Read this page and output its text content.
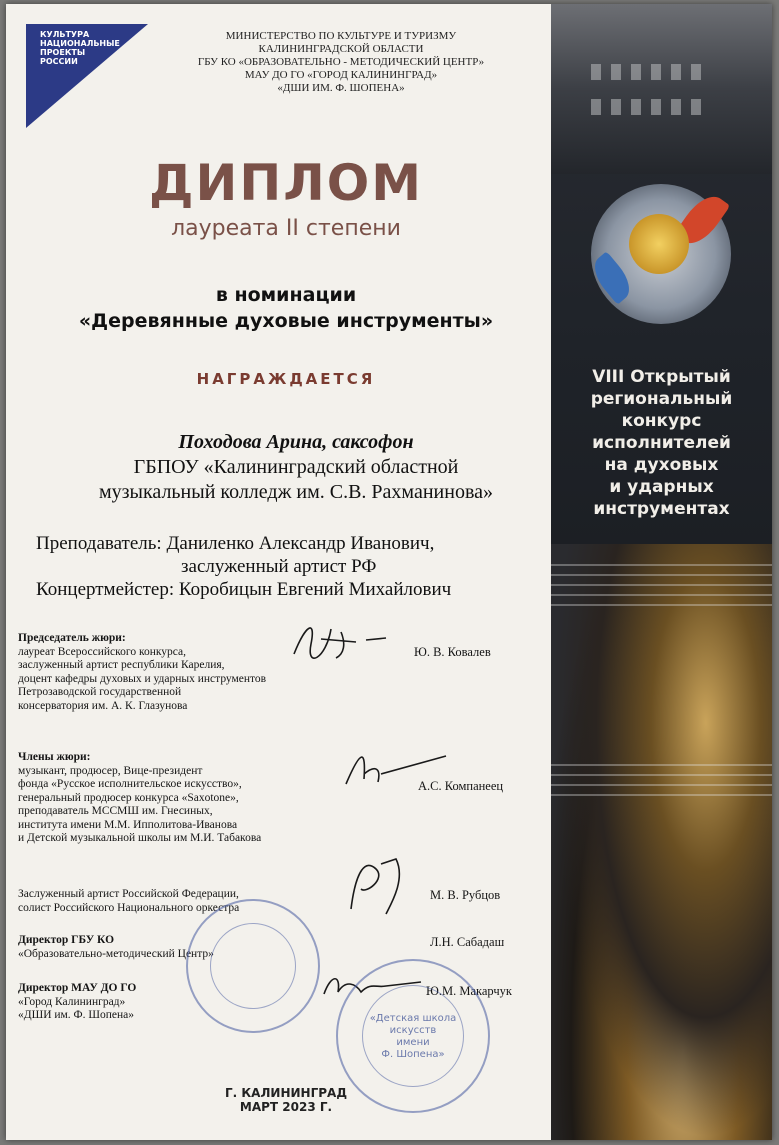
VIII Открытый
региональный
конкурс
исполнителей
на духовых
и ударных
инструментах
КУЛЬТУРА
НАЦИОНАЛЬНЫЕ
ПРОЕКТЫ
РОССИИ
МИНИСТЕРСТВО ПО КУЛЬТУРЕ И ТУРИЗМУ
КАЛИНИНГРАДСКОЙ ОБЛАСТИ
ГБУ КО «ОБРАЗОВАТЕЛЬНО - МЕТОДИЧЕСКИЙ ЦЕНТР»
МАУ ДО ГО «ГОРОД КАЛИНИНГРАД»
«ДШИ ИМ. Ф. ШОПЕНА»
ДИПЛОМ
лауреата II степени
в номинации
«Деревянные духовые инструменты»
НАГРАЖДАЕТСЯ
Походова Арина, саксофон
ГБПОУ «Калининградский областной
музыкальный колледж им. С.В. Рахманинова»
Преподаватель: Даниленко Александр Иванович,
заслуженный артист РФ
Концертмейстер: Коробицын Евгений Михайлович
Председатель жюри:
лауреат Всероссийского конкурса,
заслуженный артист республики Карелия,
доцент кафедры духовых и ударных инструментов
Петрозаводской государственной
консерватория им. А. К. Глазунова
Ю. В. Ковалев
Члены жюри:
музыкант, продюсер, Вице-президент
фонда «Русское исполнительское искусство»,
генеральный продюсер конкурса «Saxotone»,
преподаватель МССМШ им. Гнесиных,
института имени М.М. Ипполитова-Иванова
и Детской музыкальной школы им М.И. Табакова
А.С. Компанеец
Заслуженный артист Российской Федерации,
солист Российского Национального оркестра
М. В. Рубцов
Директор ГБУ КО
«Образовательно-методический Центр»
Л.Н. Сабадаш
Директор МАУ ДО ГО
«Город Калининград»
«ДШИ им. Ф. Шопена»
Ю.М. Макарчук
«Детская школа
искусств
имени
Ф. Шопена»
Г. КАЛИНИНГРАД
МАРТ 2023 Г.
